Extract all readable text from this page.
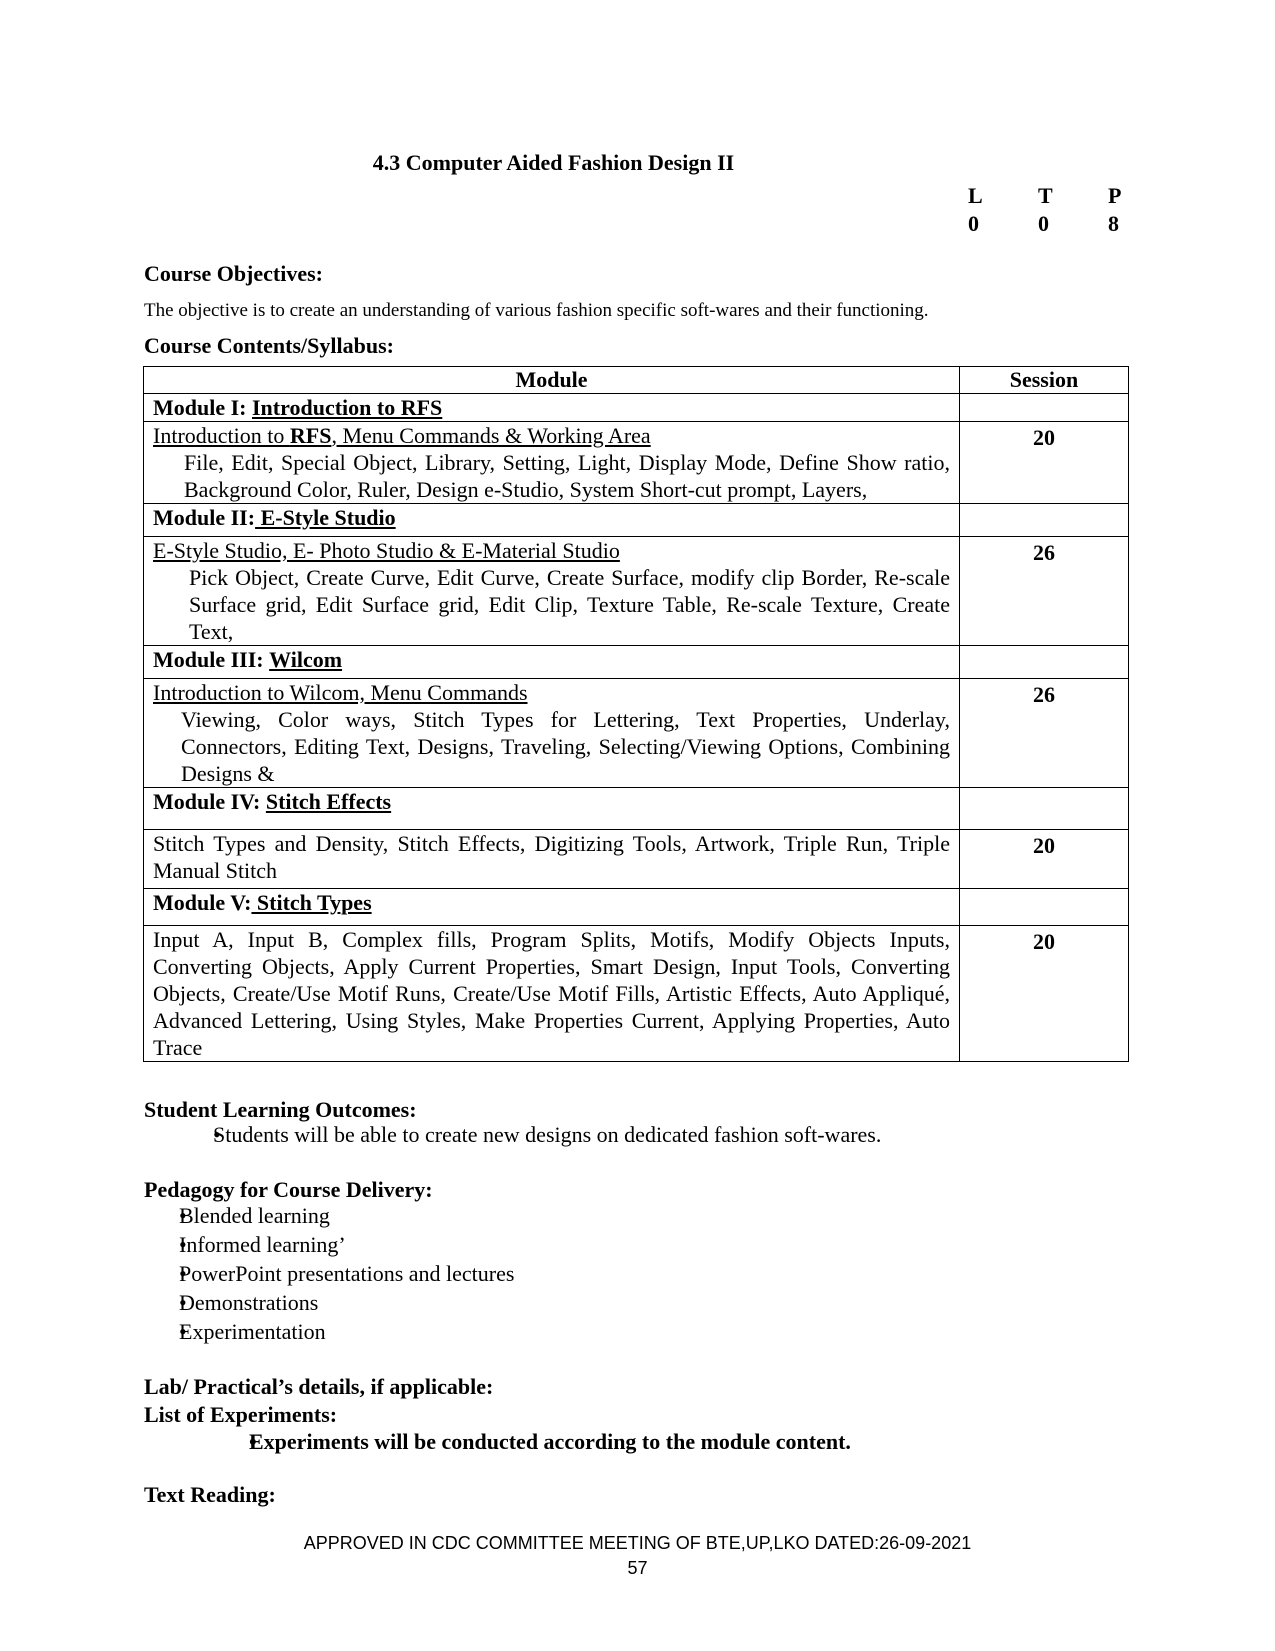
4.3 Computer Aided Fashion Design II
L	T	P
0	0	8
Course Objectives:
The objective is to create an understanding of various fashion specific soft-wares and their functioning.
Course Contents/Syllabus:
Module	Session
Module I: Introduction to RFS	

Introduction to RFS, Menu Commands & Working Area
File, Edit, Special Object, Library, Setting, Light, Display Mode, Define Show ratio, Background Color, Ruler, Design e-Studio, System Short-cut prompt, Layers,	20
Module II: E-Style Studio	

E-Style Studio, E- Photo Studio & E-Material Studio
Pick Object, Create Curve, Edit Curve, Create Surface, modify clip Border, Re-scale Surface grid, Edit Surface grid, Edit Clip, Texture Table, Re-scale Texture, Create Text,	26
Module III: Wilcom	

Introduction to Wilcom, Menu Commands
Viewing, Color ways, Stitch Types for Lettering, Text Properties, Underlay, Connectors, Editing Text, Designs, Traveling, Selecting/Viewing Options, Combining Designs &	26
Module IV: Stitch Effects	

Stitch Types and Density, Stitch Effects, Digitizing Tools, Artwork, Triple Run, Triple Manual Stitch	20
Module V: Stitch Types	

Input A, Input B, Complex fills, Program Splits, Motifs, Modify Objects Inputs, Converting Objects, Apply Current Properties, Smart Design, Input Tools, Converting Objects, Create/Use Motif Runs, Create/Use Motif Fills, Artistic Effects, Auto Appliqué, Advanced Lettering, Using Styles, Make Properties Current, Applying Properties, Auto Trace	20
Student Learning Outcomes:
• Students will be able to create new designs on dedicated fashion soft-wares.
Pedagogy for Course Delivery:
• Blended learning
• Informed learning’
• PowerPoint presentations and lectures
• Demonstrations
• Experimentation
Lab/ Practical’s details, if applicable:
List of Experiments:
• Experiments will be conducted according to the module content.
Text Reading:
APPROVED IN CDC COMMITTEE MEETING OF BTE,UP,LKO DATED:26-09-2021
57
